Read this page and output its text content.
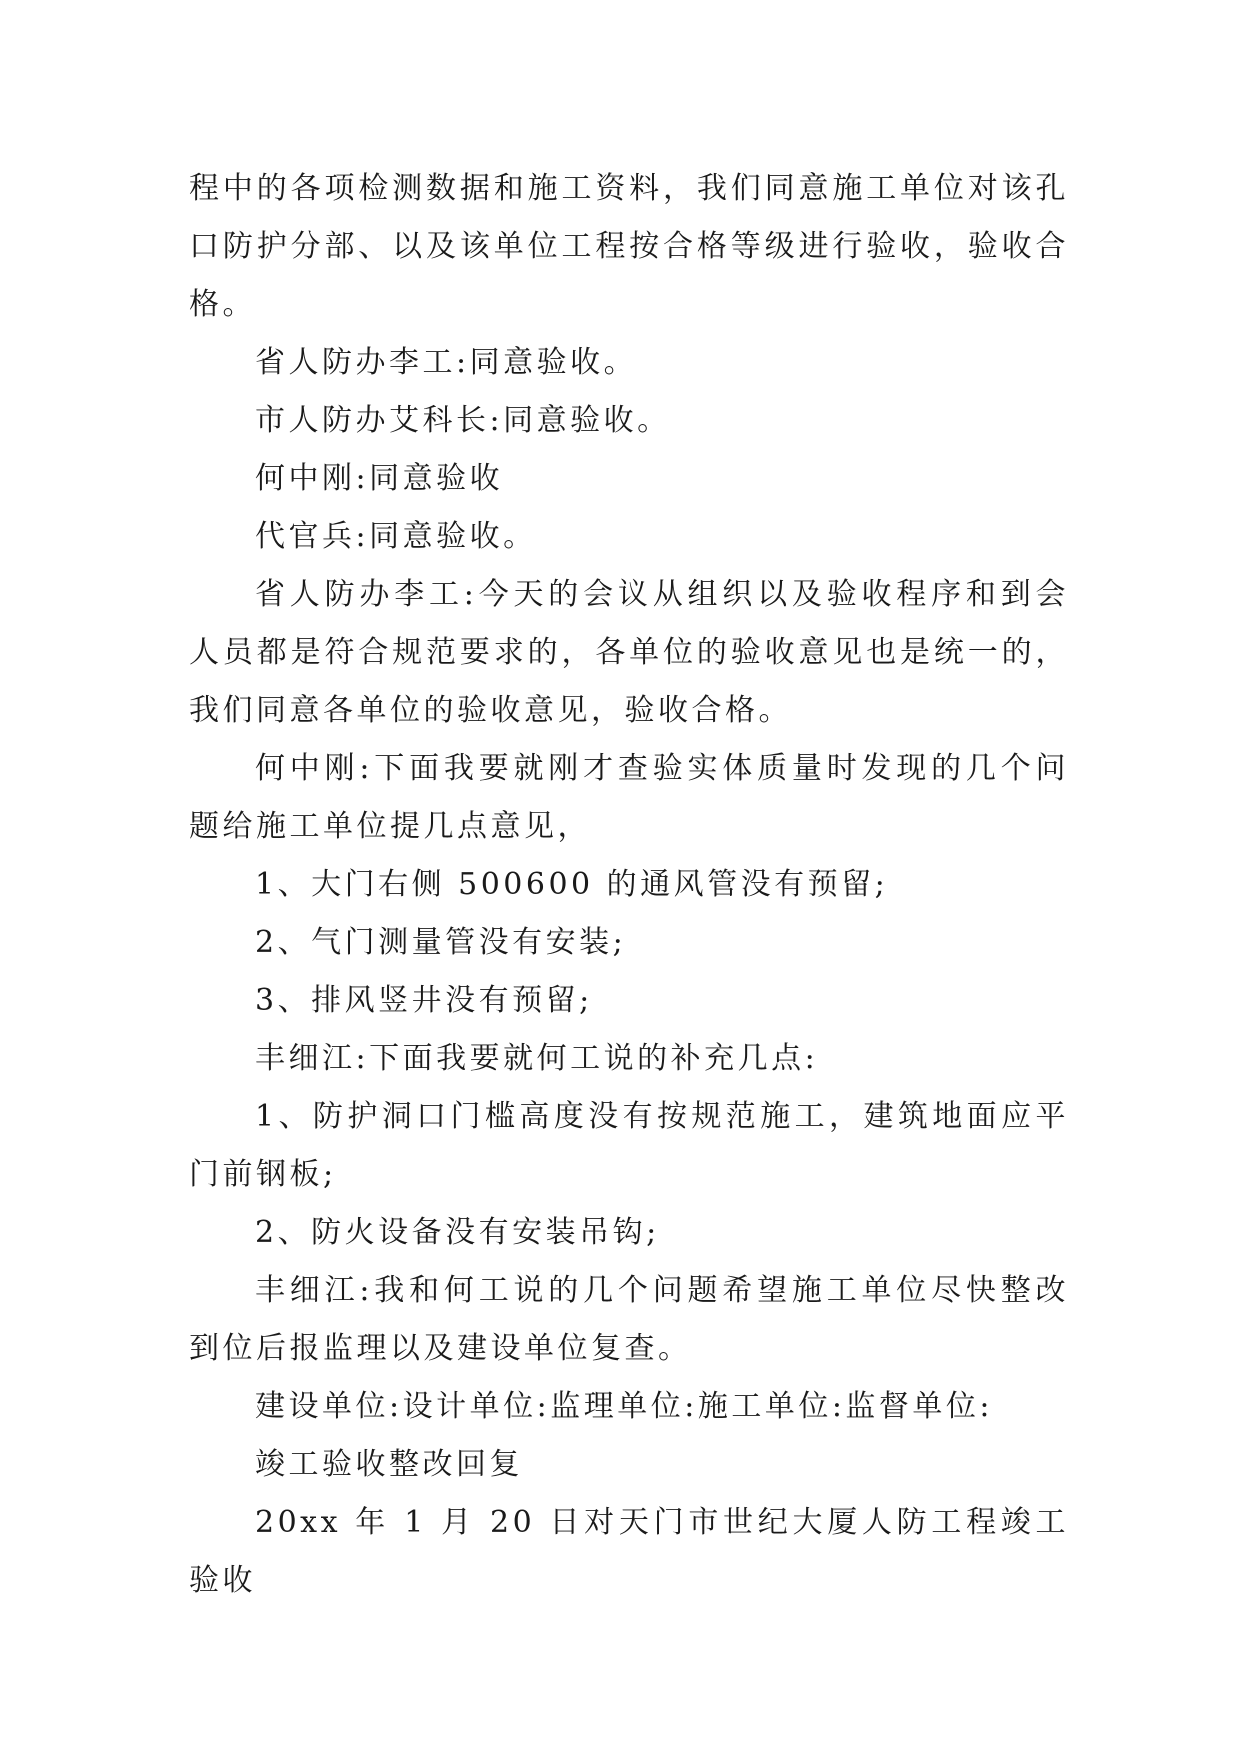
程中的各项检测数据和施工资料，我们同意施工单位对该孔口防护分部、以及该单位工程按合格等级进行验收，验收合格。

省人防办李工:同意验收。

市人防办艾科长:同意验收。

何中刚:同意验收

代官兵:同意验收。

省人防办李工:今天的会议从组织以及验收程序和到会人员都是符合规范要求的，各单位的验收意见也是统一的，我们同意各单位的验收意见，验收合格。

何中刚:下面我要就刚才查验实体质量时发现的几个问题给施工单位提几点意见，

1、大门右侧 500600 的通风管没有预留;

2、气门测量管没有安装;

3、排风竖井没有预留;

丰细江:下面我要就何工说的补充几点:

1、防护洞口门槛高度没有按规范施工，建筑地面应平门前钢板;

2、防火设备没有安装吊钩;

丰细江:我和何工说的几个问题希望施工单位尽快整改到位后报监理以及建设单位复查。

建设单位:设计单位:监理单位:施工单位:监督单位:

竣工验收整改回复

20xx 年 1 月 20 日对天门市世纪大厦人防工程竣工验收
